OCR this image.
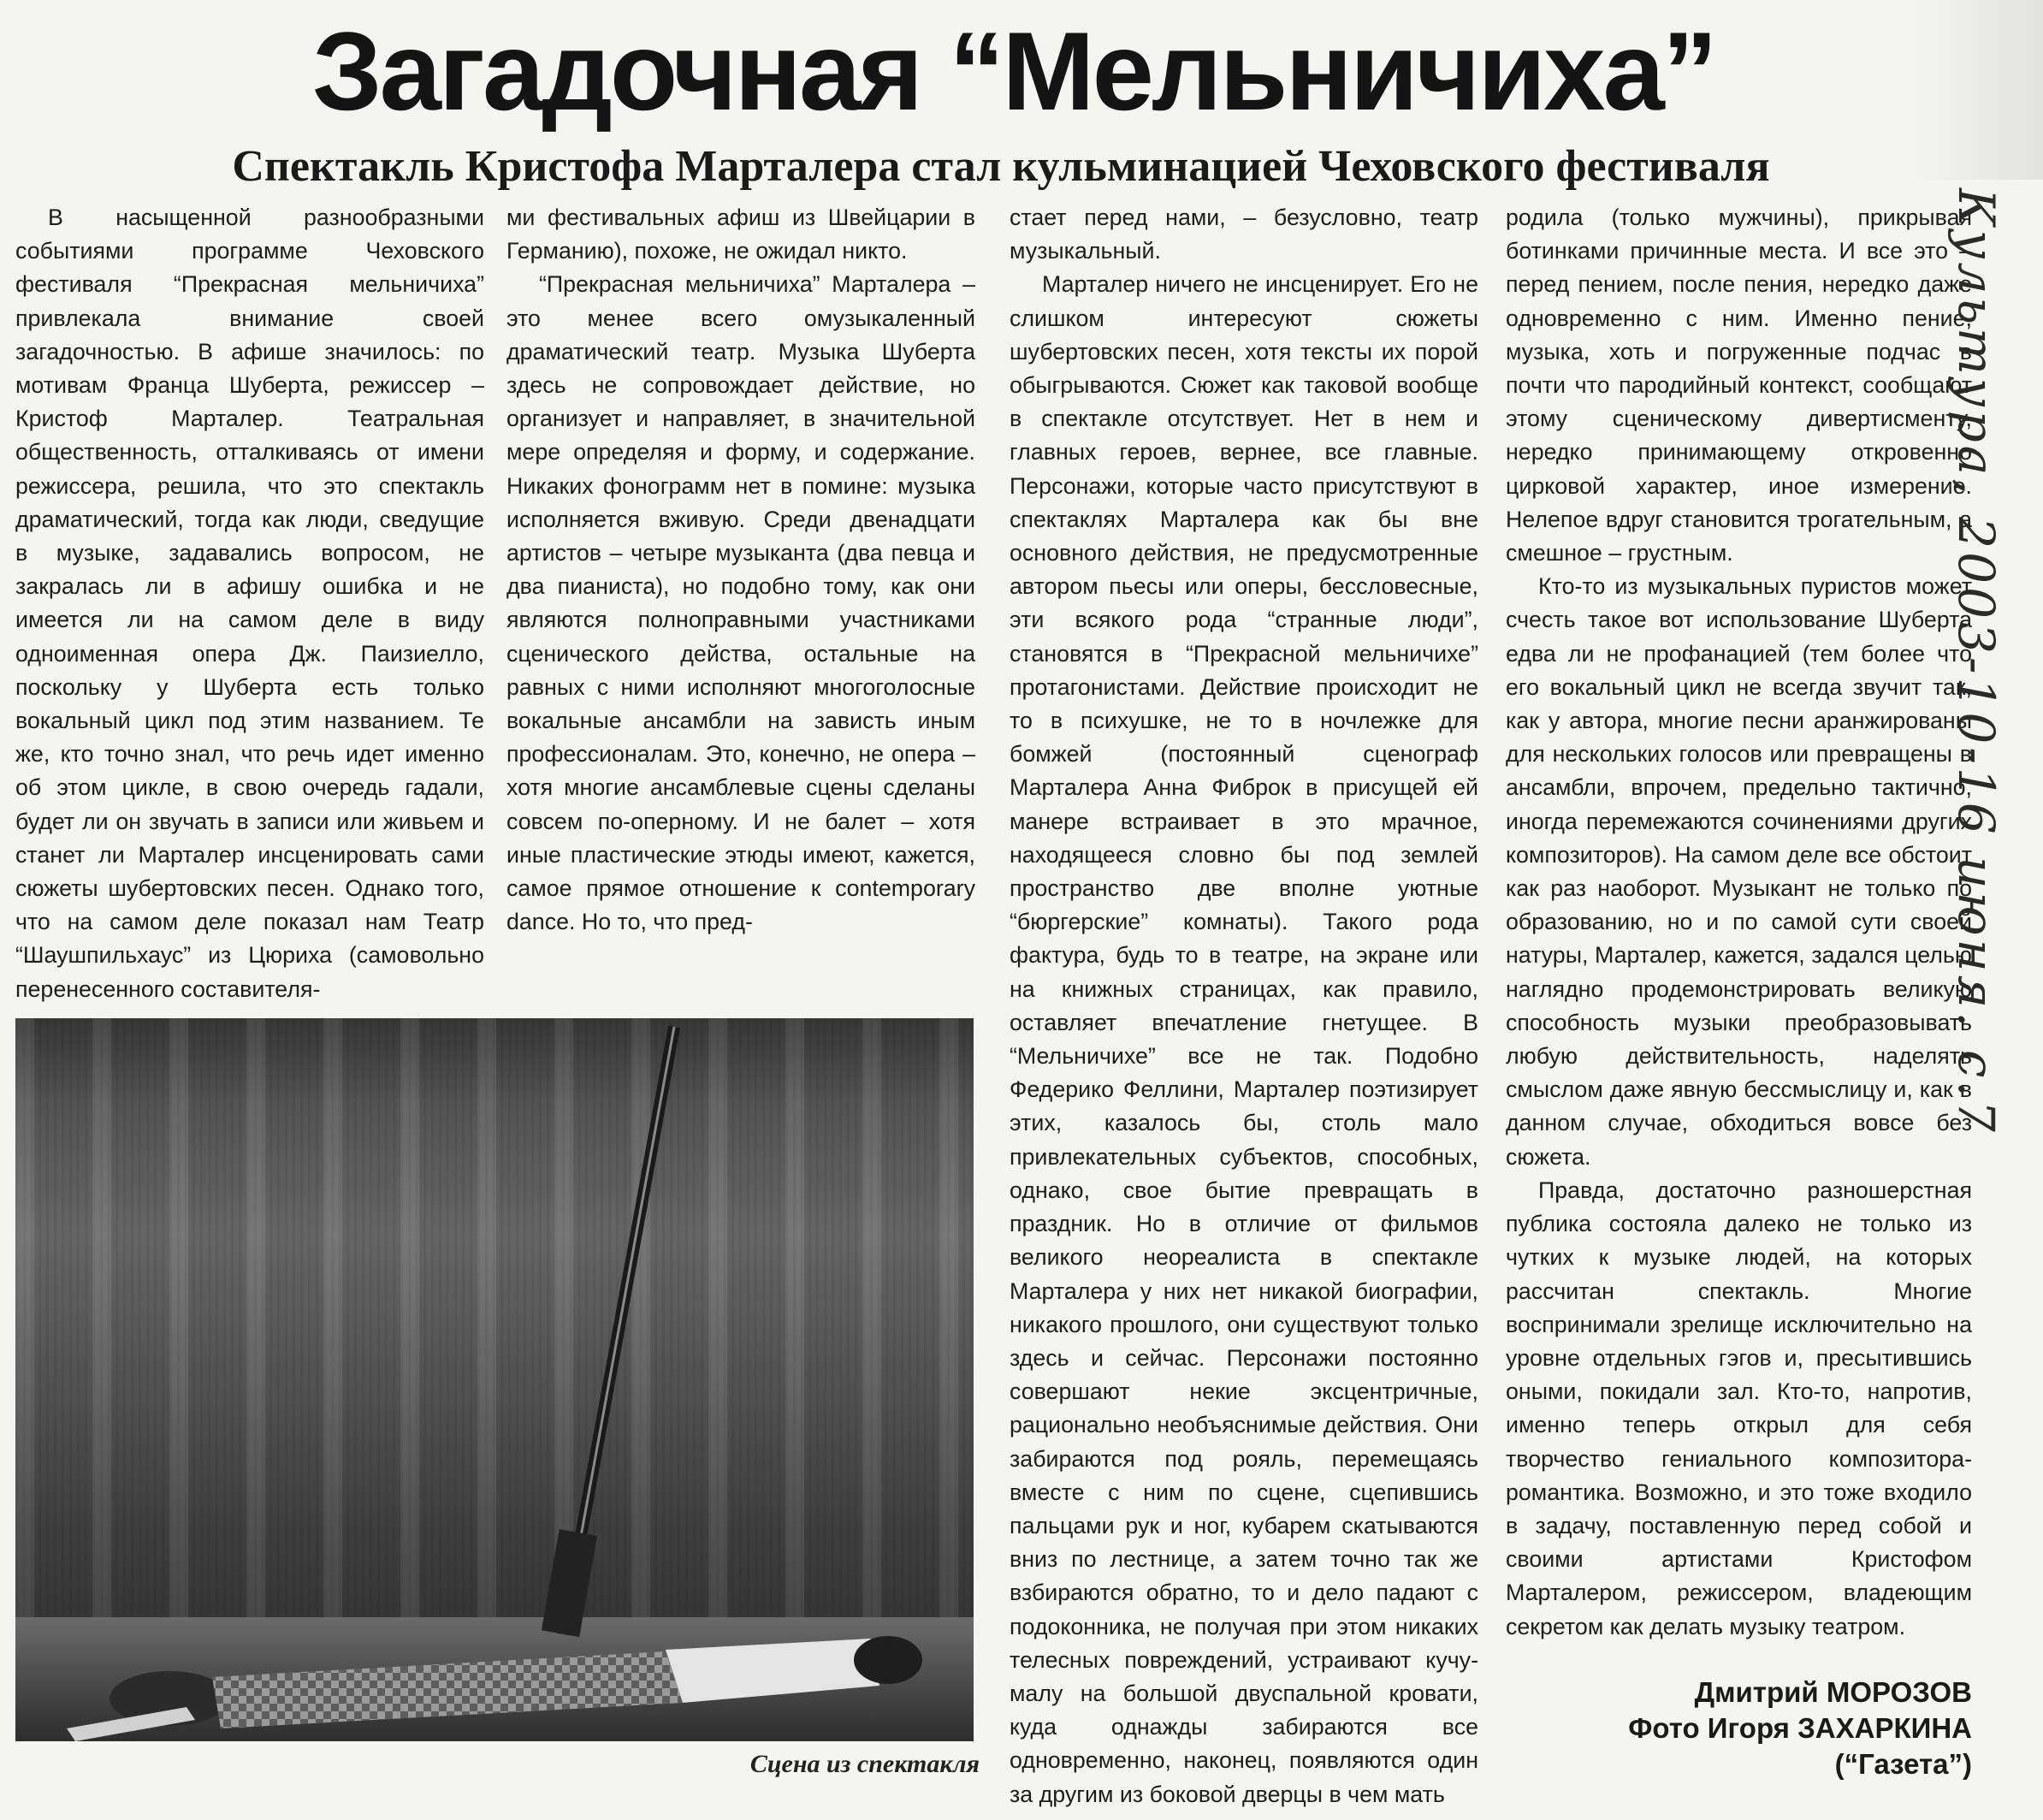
Загадочная “Мельничиха”
Спектакль Кристофа Марталера стал кульминацией Чеховского фестиваля

В насыщенной разнообразными событиями программе Чеховского фестиваля “Прекрасная мельничиха” привлекала внимание своей загадочностью. В афише значилось: по мотивам Франца Шуберта, режиссер – Кристоф Марталер. Театральная общественность, отталкиваясь от имени режиссера, решила, что это спектакль драматический, тогда как люди, сведущие в музыке, задавались вопросом, не закралась ли в афишу ошибка и не имеется ли на самом деле в виду одноименная опера Дж. Паизиелло, поскольку у Шуберта есть только вокальный цикл под этим названием. Те же, кто точно знал, что речь идет именно об этом цикле, в свою очередь гадали, будет ли он звучать в записи или живьем и станет ли Марталер инсценировать сами сюжеты шубертовских песен. Однако того, что на самом деле показал нам Театр “Шаушпильхаус” из Цюриха (самовольно перенесенного составителя-

ми фестивальных афиш из Швейцарии в Германию), похоже, не ожидал никто.

“Прекрасная мельничиха” Марталера – это менее всего омузыкаленный драматический театр. Музыка Шуберта здесь не сопровождает действие, но организует и направляет, в значительной мере определяя и форму, и содержание. Никаких фонограмм нет в помине: музыка исполняется вживую. Среди двенадцати артистов – четыре музыканта (два певца и два пианиста), но подобно тому, как они являются полноправными участниками сценического действа, остальные на равных с ними исполняют многоголосные вокальные ансамбли на зависть иным профессионалам. Это, конечно, не опера – хотя многие ансамблевые сцены сделаны совсем по-оперному. И не балет – хотя иные пластические этюды имеют, кажется, самое прямое отношение к contemporary dance. Но то, что пред-

стает перед нами, – безусловно, театр музыкальный.

Марталер ничего не инсценирует. Его не слишком интересуют сюжеты шубертовских песен, хотя тексты их порой обыгрываются. Сюжет как таковой вообще в спектакле отсутствует. Нет в нем и главных героев, вернее, все главные. Персонажи, которые часто присутствуют в спектаклях Марталера как бы вне основного действия, не предусмотренные автором пьесы или оперы, бессловесные, эти всякого рода “странные люди”, становятся в “Прекрасной мельничихе” протагонистами. Действие происходит не то в психушке, не то в ночлежке для бомжей (постоянный сценограф Марталера Анна Фиброк в присущей ей манере встраивает в это мрачное, находящееся словно бы под землей пространство две вполне уютные “бюргерские” комнаты). Такого рода фактура, будь то в театре, на экране или на книжных страницах, как правило, оставляет впечатление гнетущее. В “Мельничихе” все не так. Подобно Федерико Феллини, Марталер поэтизирует этих, казалось бы, столь мало привлекательных субъектов, способных, однако, свое бытие превращать в праздник. Но в отличие от фильмов великого неореалиста в спектакле Марталера у них нет никакой биографии, никакого прошлого, они существуют только здесь и сейчас. Персонажи постоянно совершают некие эксцентричные, рационально необъяснимые действия. Они забираются под рояль, перемещаясь вместе с ним по сцене, сцепившись пальцами рук и ног, кубарем скатываются вниз по лестнице, а затем точно так же взбираются обратно, то и дело падают с подоконника, не получая при этом никаких телесных повреждений, устраивают кучу-малу на большой двуспальной кровати, куда однажды забираются все одновременно, наконец, появляются один за другим из боковой дверцы в чем мать

родила (только мужчины), прикрывая ботинками причинные места. И все это – перед пением, после пения, нередко даже одновременно с ним. Именно пение, музыка, хоть и погруженные подчас в почти что пародийный контекст, сообщают этому сценическому дивертисменту, нередко принимающему откровенно цирковой характер, иное измерение. Нелепое вдруг становится трогательным, а смешное – грустным.

Кто-то из музыкальных пуристов может счесть такое вот использование Шуберта едва ли не профанацией (тем более что его вокальный цикл не всегда звучит так, как у автора, многие песни аранжированы для нескольких голосов или превращены в ансамбли, впрочем, предельно тактично, иногда перемежаются сочинениями других композиторов). На самом деле все обстоит как раз наоборот. Музыкант не только по образованию, но и по самой сути своей натуры, Марталер, кажется, задался целью наглядно продемонстрировать великую способность музыки преобразовывать любую действительность, наделять смыслом даже явную бессмыслицу и, как в данном случае, обходиться вовсе без сюжета.

Правда, достаточно разношерстная публика состояла далеко не только из чутких к музыке людей, на которых рассчитан спектакль. Многие воспринимали зрелище исключительно на уровне отдельных гэгов и, пресытившись оными, покидали зал. Кто-то, напротив, именно теперь открыл для себя творчество гениального композитора-романтика. Возможно, и это тоже входило в задачу, поставленную перед собой и своими артистами Кристофом Марталером, режиссером, владеющим секретом как делать музыку театром.

Сцена из спектакля
Дмитрий МОРОЗОВ
Фото Игоря ЗАХАРКИНА
(“Газета”)
Культура, 2003-10-16 июня. с.7
